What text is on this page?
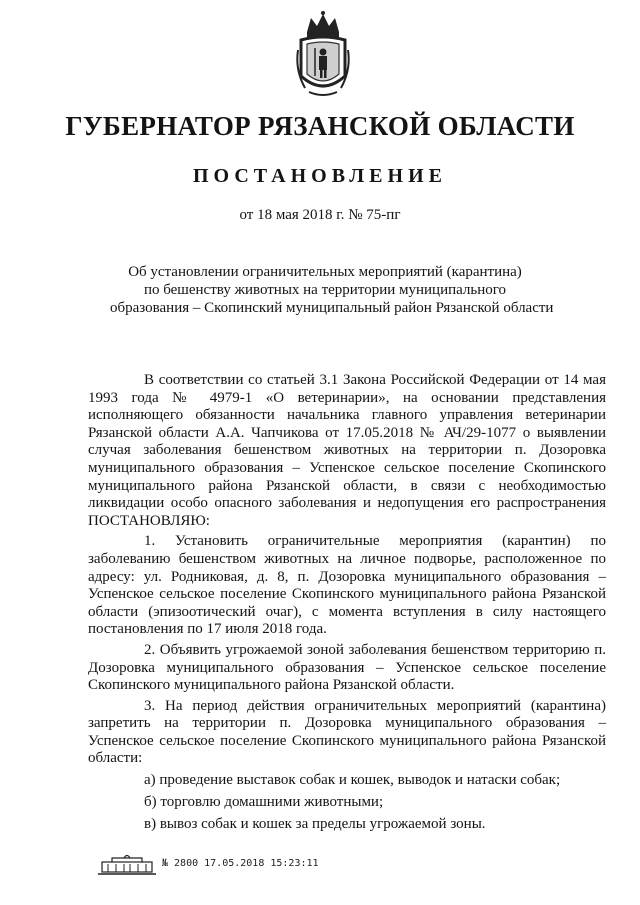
ГУБЕРНАТОР РЯЗАНСКОЙ ОБЛАСТИ
ПОСТАНОВЛЕНИЕ
от 18 мая 2018 г. № 75-пг
Об установлении ограничительных мероприятий (карантина)
по бешенству животных на территории муниципального
образования – Скопинский муниципальный район Рязанской области

В соответствии со статьей 3.1 Закона Российской Федерации от 14 мая 1993 года № 4979-1 «О ветеринарии», на основании представления исполняющего обязанности начальника главного управления ветеринарии Рязанской области А.А. Чапчикова от 17.05.2018 № АЧ/29-1077 о выявлении случая заболевания бешенством животных на территории п. Дозоровка муниципального образования – Успенское сельское поселение Скопинского муниципального района Рязанской области, в связи с необходимостью ликвидации особо опасного заболевания и недопущения его распространения ПОСТАНОВЛЯЮ:

1. Установить ограничительные мероприятия (карантин) по заболеванию бешенством животных на личное подворье, расположенное по адресу: ул. Родниковая, д. 8, п. Дозоровка муниципального образования – Успенское сельское поселение Скопинского муниципального района Рязанской области (эпизоотический очаг), с момента вступления в силу настоящего постановления по 17 июля 2018 года.

2. Объявить угрожаемой зоной заболевания бешенством территорию п. Дозоровка муниципального образования – Успенское сельское поселение Скопинского муниципального района Рязанской области.

3. На период действия ограничительных мероприятий (карантина) запретить на территории п. Дозоровка муниципального образования – Успенское сельское поселение Скопинского муниципального района Рязанской области:

а) проведение выставок собак и кошек, выводок и натаски собак;

б) торговлю домашними животными;

в) вывоз собак и кошек за пределы угрожаемой зоны.

№ 2800 17.05.2018 15:23:11
